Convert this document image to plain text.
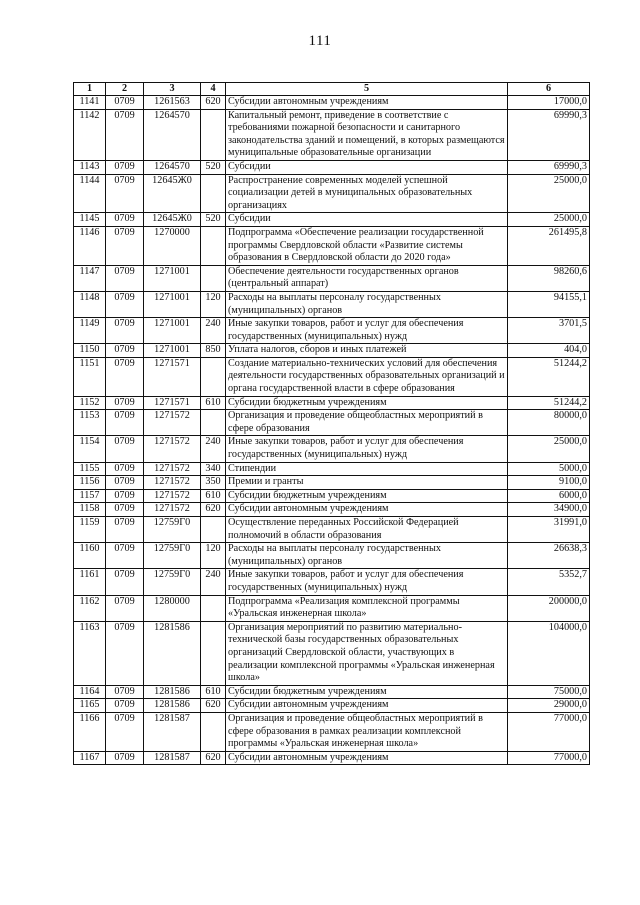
111
1	2	3	4	5	6
1141	0709	1261563	620	Субсидии автономным учреждениям	17000,0
1142	0709	1264570		Капитальный ремонт, приведение в соответствие с требованиями пожарной безопасности и санитарного законодательства зданий и помещений, в которых размещаются муниципальные образовательные организации	69990,3
1143	0709	1264570	520	Субсидии	69990,3
1144	0709	12645Ж0		Распространение современных моделей успешной социализации детей в муниципальных образовательных организациях	25000,0
1145	0709	12645Ж0	520	Субсидии	25000,0
1146	0709	1270000		Подпрограмма «Обеспечение реализации государственной программы Свердловской области «Развитие системы образования в Свердловской области до 2020 года»	261495,8
1147	0709	1271001		Обеспечение деятельности государственных органов (центральный аппарат)	98260,6
1148	0709	1271001	120	Расходы на выплаты персоналу государственных (муниципальных) органов	94155,1
1149	0709	1271001	240	Иные закупки товаров, работ и услуг для обеспечения государственных (муниципальных) нужд	3701,5
1150	0709	1271001	850	Уплата налогов, сборов и иных платежей	404,0
1151	0709	1271571		Создание материально-технических условий для обеспечения деятельности государственных образовательных организаций и органа государственной власти в сфере образования	51244,2
1152	0709	1271571	610	Субсидии бюджетным учреждениям	51244,2
1153	0709	1271572		Организация и проведение общеобластных мероприятий в сфере образования	80000,0
1154	0709	1271572	240	Иные закупки товаров, работ и услуг для обеспечения государственных (муниципальных) нужд	25000,0
1155	0709	1271572	340	Стипендии	5000,0
1156	0709	1271572	350	Премии и гранты	9100,0
1157	0709	1271572	610	Субсидии бюджетным учреждениям	6000,0
1158	0709	1271572	620	Субсидии автономным учреждениям	34900,0
1159	0709	12759Г0		Осуществление переданных Российской Федерацией полномочий в области образования	31991,0
1160	0709	12759Г0	120	Расходы на выплаты персоналу государственных (муниципальных) органов	26638,3
1161	0709	12759Г0	240	Иные закупки товаров, работ и услуг для обеспечения государственных (муниципальных) нужд	5352,7
1162	0709	1280000		Подпрограмма «Реализация комплексной программы «Уральская инженерная школа»	200000,0
1163	0709	1281586		Организация мероприятий по развитию материально-технической базы государственных образовательных организаций Свердловской области, участвующих в реализации комплексной программы «Уральская инженерная школа»	104000,0
1164	0709	1281586	610	Субсидии бюджетным учреждениям	75000,0
1165	0709	1281586	620	Субсидии автономным учреждениям	29000,0
1166	0709	1281587		Организация и проведение общеобластных мероприятий в сфере образования в рамках реализации комплексной программы «Уральская инженерная школа»	77000,0
1167	0709	1281587	620	Субсидии автономным учреждениям	77000,0
